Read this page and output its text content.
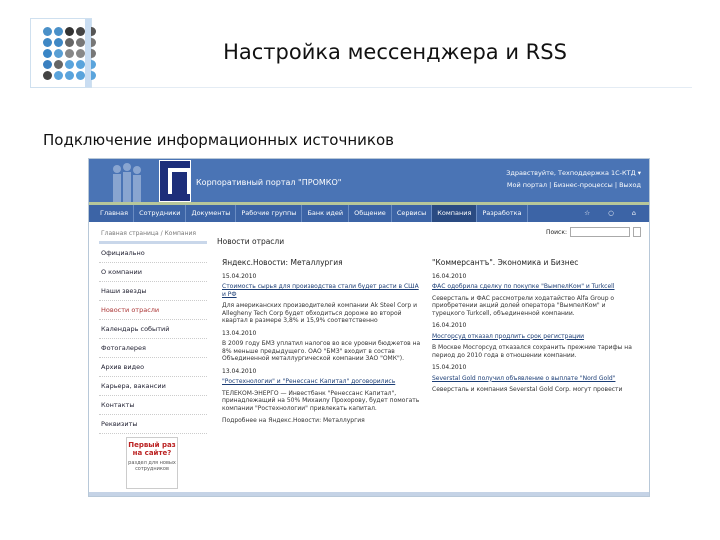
Настройка мессенджера и RSS
Подключение информационных источников
Корпоративный портал "ПРОМКО"
Здравствуйте, Техподдержка 1С-КТД ▾
Мой портал | Бизнес-процессы | Выход
Главная	Сотрудники	Документы	Рабочие группы	Банк идей	Общение	Сервисы	Компания	Разработка	☆ ○ ⌂
Главная страница / Компания	Поиск:
Официально
О компании
Наши звезды
Новости отрасли
Календарь событий
Фотогалерея
Архив видео
Карьера, вакансии
Контакты
Реквизиты
Первый раз на сайте?
раздел для новых сотрудников
Новости отрасли
Яндекс.Новости: Металлургия
15.04.2010
Стоимость сырья для производства стали будет расти в США и РФ

Для американских производителей компании Ak Steel Corp и Allegheny Tech Corp будет обходиться дороже во второй квартал в размере 3,8% и 15,9% соответственно

13.04.2010

В 2009 году БМЗ уплатил налогов во все уровни бюджетов на 8% меньше предыдущего. ОАО "БМЗ" входит в состав Объединенной металлургической компании ЗАО "ОМК").

13.04.2010
"Ростехнологии" и "Ренессанс Капитал" договорились

ТЕЛЕКОМ-ЭНЕРГО — Инвестбанк "Ренессанс Капитал", принадлежащий на 50% Михаилу Прохорову, будет помогать компании "Ростехнологии" привлекать капитал.

Подробнее на Яндекс.Новости: Металлургия
"Коммерсантъ". Экономика и Бизнес
16.04.2010
ФАС одобрила сделку по покупке "ВымпелКом" и Turkcell

Северсталь и ФАС рассмотрели ходатайство Alfa Group о приобретении акций долей оператора "ВымпелКом" и турецкого Turkcell, объединенной компании.

16.04.2010
Мосгорсуд отказал продлить срок регистрации

В Москве Мосгорсуд отказался сохранить прежние тарифы на период до 2010 года в отношении компании.

15.04.2010
Severstal Gold получил объявление о выплате "Nord Gold"

Северсталь и компания Severstal Gold Corp. могут провести
